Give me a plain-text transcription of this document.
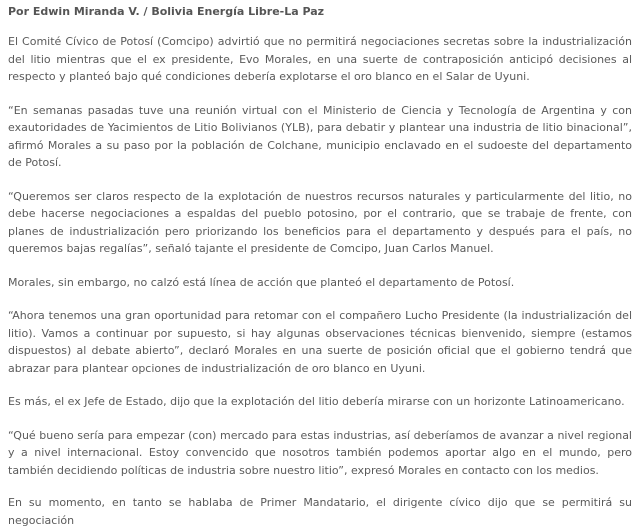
Por Edwin Miranda V. / Bolivia Energía Libre-La Paz

El Comité Cívico de Potosí (Comcipo) advirtió que no permitirá negociaciones secretas sobre la industrialización del litio mientras que el ex presidente, Evo Morales, en una suerte de contraposición anticipó decisiones al respecto y planteó bajo qué condiciones debería explotarse el oro blanco en el Salar de Uyuni.

“En semanas pasadas tuve una reunión virtual con el Ministerio de Ciencia y Tecnología de Argentina y con exautoridades de Yacimientos de Litio Bolivianos (YLB), para debatir y plantear una industria de litio binacional”, afirmó Morales a su paso por la población de Colchane, municipio enclavado en el sudoeste del departamento de Potosí.

“Queremos ser claros respecto de la explotación de nuestros recursos naturales y particularmente del litio, no debe hacerse negociaciones a espaldas del pueblo potosino, por el contrario, que se trabaje de frente, con planes de industrialización pero priorizando los beneficios para el departamento y después para el país, no queremos bajas regalías”, señaló tajante el presidente de Comcipo, Juan Carlos Manuel.

Morales, sin embargo, no calzó está línea de acción que planteó el departamento de Potosí.

“Ahora tenemos una gran oportunidad para retomar con el compañero Lucho Presidente (la industrialización del litio). Vamos a continuar por supuesto, si hay algunas observaciones técnicas bienvenido, siempre (estamos dispuestos) al debate abierto”, declaró Morales en una suerte de posición oficial que el gobierno tendrá que abrazar para plantear opciones de industrialización de oro blanco en Uyuni.

Es más, el ex Jefe de Estado, dijo que la explotación del litio debería mirarse con un horizonte Latinoamericano.

“Qué bueno sería para empezar (con) mercado para estas industrias, así deberíamos de avanzar a nivel regional y a nivel internacional. Estoy convencido que nosotros también podemos aportar algo en el mundo, pero también decidiendo políticas de industria sobre nuestro litio”, expresó Morales en contacto con los medios.

En su momento, en tanto se hablaba de Primer Mandatario, el dirigente cívico dijo que se permitirá su negociación
